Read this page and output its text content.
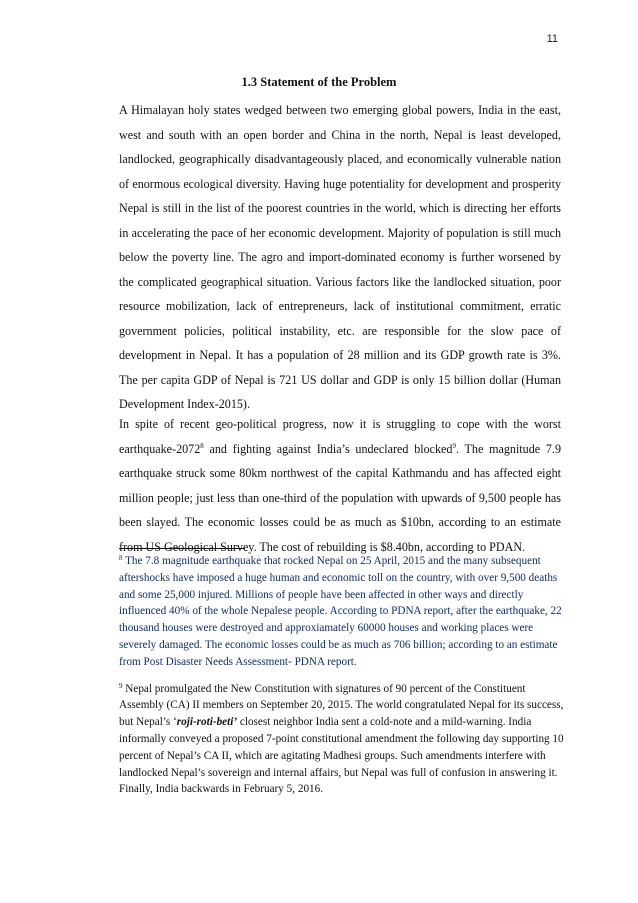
11
1.3 Statement of the Problem

A Himalayan holy states wedged between two emerging global powers, India in the east, west and south with an open border and China in the north, Nepal is least developed, landlocked, geographically disadvantageously placed, and economically vulnerable nation of enormous ecological diversity. Having huge potentiality for development and prosperity Nepal is still in the list of the poorest countries in the world, which is directing her efforts in accelerating the pace of her economic development. Majority of population is still much below the poverty line. The agro and import-dominated economy is further worsened by the complicated geographical situation. Various factors like the landlocked situation, poor resource mobilization, lack of entrepreneurs, lack of institutional commitment, erratic government policies, political instability, etc. are responsible for the slow pace of development in Nepal. It has a population of 28 million and its GDP growth rate is 3%. The per capita GDP of Nepal is 721 US dollar and GDP is only 15 billion dollar (Human Development Index-2015).

In spite of recent geo-political progress, now it is struggling to cope with the worst earthquake-2072$^8$ and fighting against India’s undeclared blocked$^9$. The magnitude 7.9 earthquake struck some 80km northwest of the capital Kathmandu and has affected eight million people; just less than one-third of the population with upwards of 9,500 people has been slayed. The economic losses could be as much as $10bn, according to an estimate from US Geological Survey. The cost of rebuilding is $8.40bn, according to PDAN.

$^8$ The 7.8 magnitude earthquake that rocked Nepal on 25 April, 2015 and the many subsequent aftershocks have imposed a huge human and economic toll on the country, with over 9,500 deaths and some 25,000 injured. Millions of people have been affected in other ways and directly influenced 40% of the whole Nepalese people. According to PDNA report, after the earthquake, 22 thousand houses were destroyed and approxiamately 60000 houses and working places were severely damaged. The economic losses could be as much as 706 billion; according to an estimate from Post Disaster Needs Assessment- PDNA report.

$^9$ Nepal promulgated the New Constitution with signatures of 90 percent of the Constituent Assembly (CA) II members on September 20, 2015. The world congratulated Nepal for its success, but Nepal’s ‘roji-roti-beti’ closest neighbor India sent a cold-note and a mild-warning. India informally conveyed a proposed 7-point constitutional amendment the following day supporting 10 percent of Nepal’s CA II, which are agitating Madhesi groups. Such amendments interfere with landlocked Nepal’s sovereign and internal affairs, but Nepal was full of confusion in answering it. Finally, India backwards in February 5, 2016.
